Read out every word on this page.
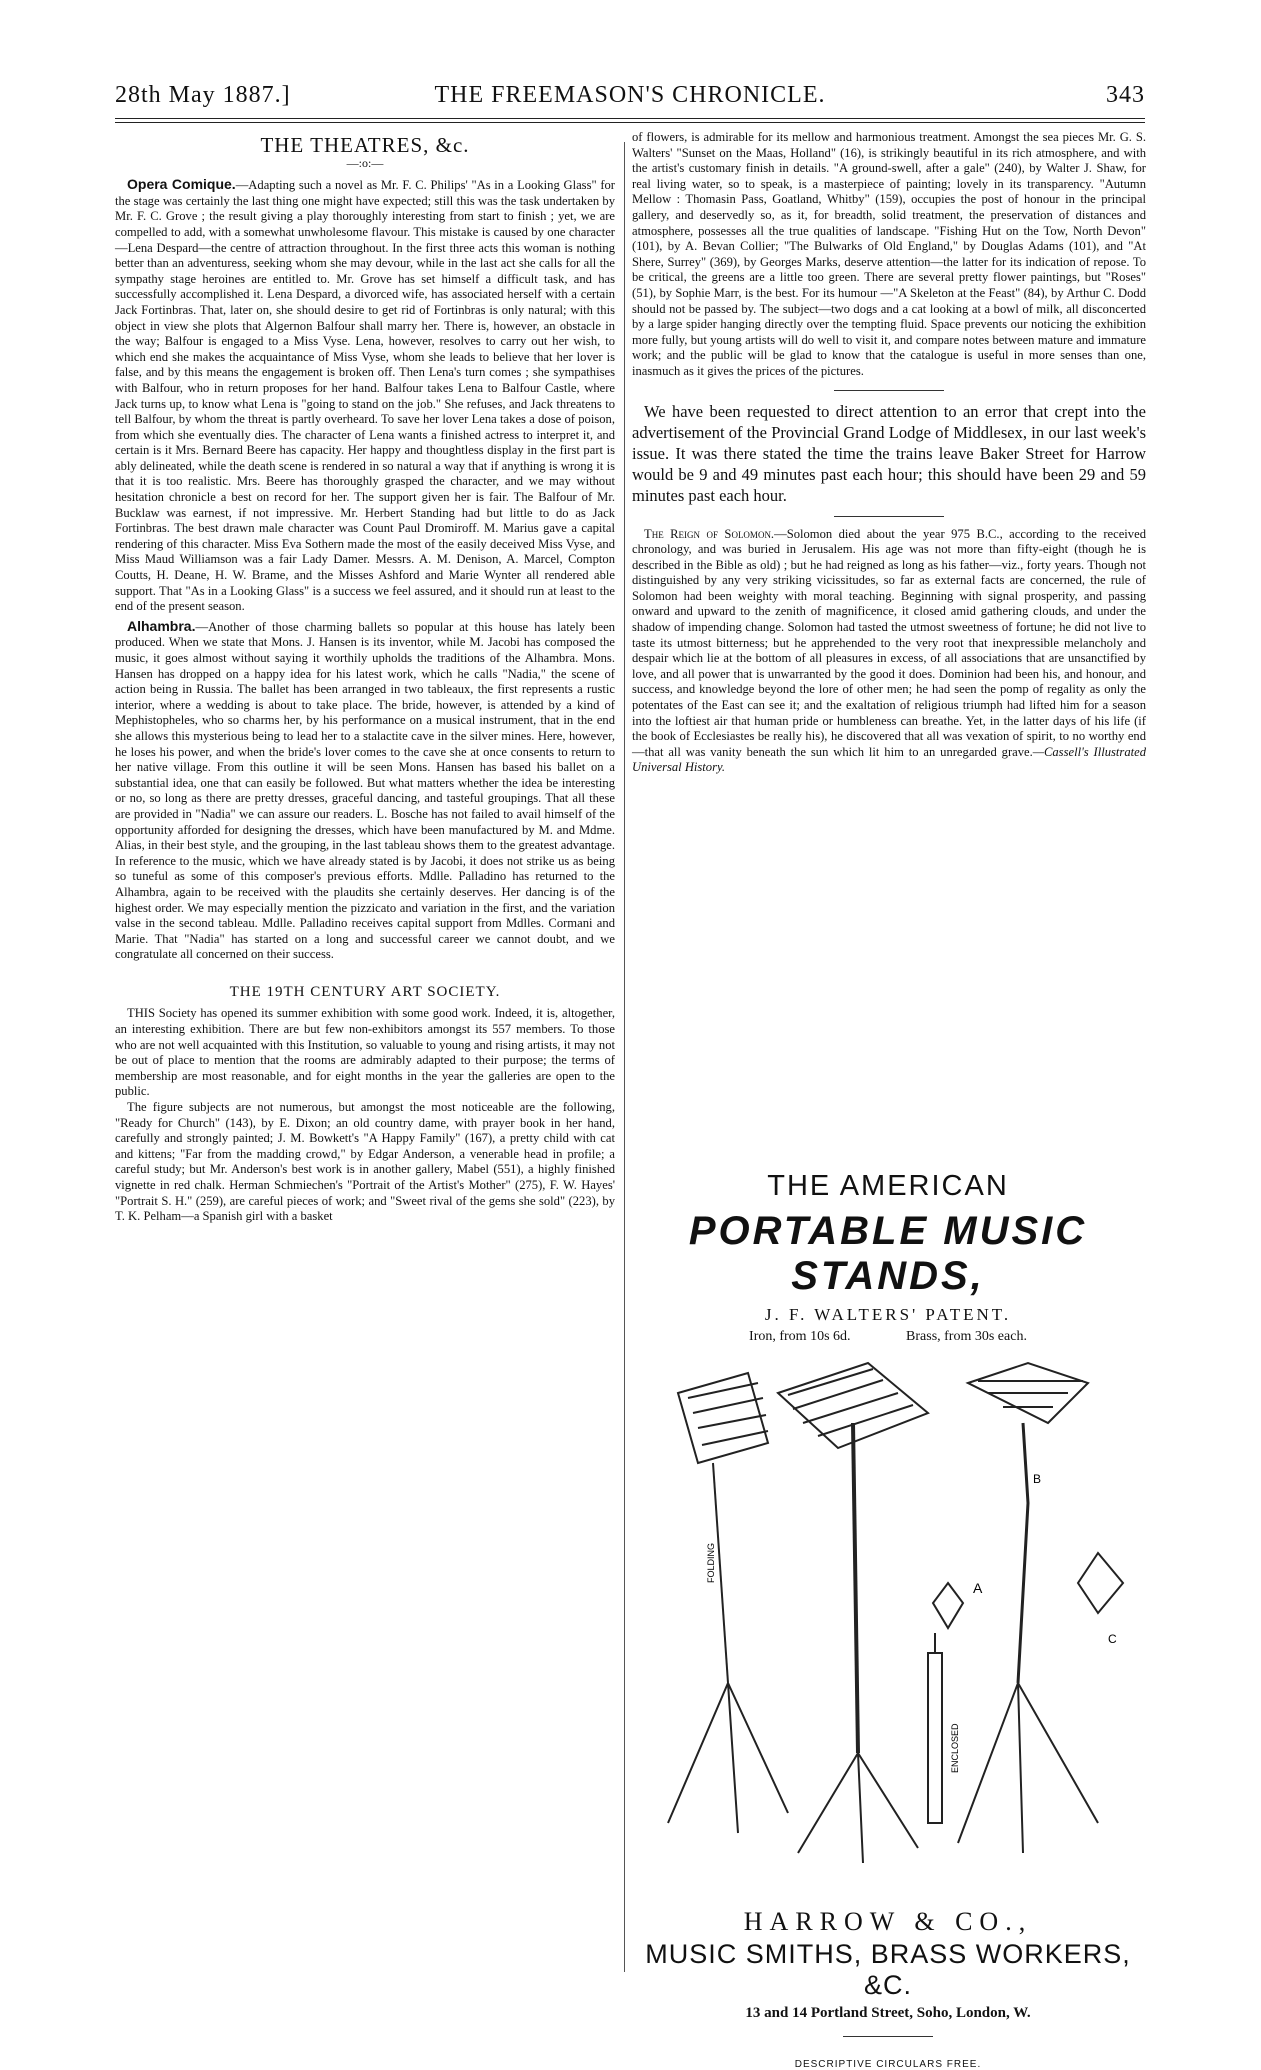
28th May 1887.]	THE FREEMASON'S CHRONICLE.	343
THE THEATRES, &c.
—:o:—

Opera Comique.—Adapting such a novel as Mr. F. C. Philips' "As in a Looking Glass" for the stage was certainly the last thing one might have expected; still this was the task undertaken by Mr. F. C. Grove ; the result giving a play thoroughly interesting from start to finish ; yet, we are compelled to add, with a somewhat unwholesome flavour. This mistake is caused by one character—Lena Despard—the centre of attraction throughout. In the first three acts this woman is nothing better than an adventuress, seeking whom she may devour, while in the last act she calls for all the sympathy stage heroines are entitled to. Mr. Grove has set himself a difficult task, and has successfully accomplished it. Lena Despard, a divorced wife, has associated herself with a certain Jack Fortinbras. That, later on, she should desire to get rid of Fortinbras is only natural; with this object in view she plots that Algernon Balfour shall marry her. There is, however, an obstacle in the way; Balfour is engaged to a Miss Vyse. Lena, however, resolves to carry out her wish, to which end she makes the acquaintance of Miss Vyse, whom she leads to believe that her lover is false, and by this means the engagement is broken off. Then Lena's turn comes ; she sympathises with Balfour, who in return proposes for her hand. Balfour takes Lena to Balfour Castle, where Jack turns up, to know what Lena is "going to stand on the job." She refuses, and Jack threatens to tell Balfour, by whom the threat is partly overheard. To save her lover Lena takes a dose of poison, from which she eventually dies. The character of Lena wants a finished actress to interpret it, and certain is it Mrs. Bernard Beere has capacity. Her happy and thoughtless display in the first part is ably delineated, while the death scene is rendered in so natural a way that if anything is wrong it is that it is too realistic. Mrs. Beere has thoroughly grasped the character, and we may without hesitation chronicle a best on record for her. The support given her is fair. The Balfour of Mr. Bucklaw was earnest, if not impressive. Mr. Herbert Standing had but little to do as Jack Fortinbras. The best drawn male character was Count Paul Dromiroff. M. Marius gave a capital rendering of this character. Miss Eva Sothern made the most of the easily deceived Miss Vyse, and Miss Maud Williamson was a fair Lady Damer. Messrs. A. M. Denison, A. Marcel, Compton Coutts, H. Deane, H. W. Brame, and the Misses Ashford and Marie Wynter all rendered able support. That "As in a Looking Glass" is a success we feel assured, and it should run at least to the end of the present season.

Alhambra.—Another of those charming ballets so popular at this house has lately been produced. When we state that Mons. J. Hansen is its inventor, while M. Jacobi has composed the music, it goes almost without saying it worthily upholds the traditions of the Alhambra. Mons. Hansen has dropped on a happy idea for his latest work, which he calls "Nadia," the scene of action being in Russia. The ballet has been arranged in two tableaux, the first represents a rustic interior, where a wedding is about to take place. The bride, however, is attended by a kind of Mephistopheles, who so charms her, by his performance on a musical instrument, that in the end she allows this mysterious being to lead her to a stalactite cave in the silver mines. Here, however, he loses his power, and when the bride's lover comes to the cave she at once consents to return to her native village. From this outline it will be seen Mons. Hansen has based his ballet on a substantial idea, one that can easily be followed. But what matters whether the idea be interesting or no, so long as there are pretty dresses, graceful dancing, and tasteful groupings. That all these are provided in "Nadia" we can assure our readers. L. Bosche has not failed to avail himself of the opportunity afforded for designing the dresses, which have been manufactured by M. and Mdme. Alias, in their best style, and the grouping, in the last tableau shows them to the greatest advantage. In reference to the music, which we have already stated is by Jacobi, it does not strike us as being so tuneful as some of this composer's previous efforts. Mdlle. Palladino has returned to the Alhambra, again to be received with the plaudits she certainly deserves. Her dancing is of the highest order. We may especially mention the pizzicato and variation in the first, and the variation valse in the second tableau. Mdlle. Palladino receives capital support from Mdlles. Cormani and Marie. That "Nadia" has started on a long and successful career we cannot doubt, and we congratulate all concerned on their success.

THE 19TH CENTURY ART SOCIETY.

THIS Society has opened its summer exhibition with some good work. Indeed, it is, altogether, an interesting exhibition. There are but few non-exhibitors amongst its 557 members. To those who are not well acquainted with this Institution, so valuable to young and rising artists, it may not be out of place to mention that the rooms are admirably adapted to their purpose; the terms of membership are most reasonable, and for eight months in the year the galleries are open to the public.

The figure subjects are not numerous, but amongst the most noticeable are the following, "Ready for Church" (143), by E. Dixon; an old country dame, with prayer book in her hand, carefully and strongly painted; J. M. Bowkett's "A Happy Family" (167), a pretty child with cat and kittens; "Far from the madding crowd," by Edgar Anderson, a venerable head in profile; a careful study; but Mr. Anderson's best work is in another gallery, Mabel (551), a highly finished vignette in red chalk. Herman Schmiechen's "Portrait of the Artist's Mother" (275), F. W. Hayes' "Portrait S. H." (259), are careful pieces of work; and "Sweet rival of the gems she sold" (223), by T. K. Pelham—a Spanish girl with a basket

of flowers, is admirable for its mellow and harmonious treatment. Amongst the sea pieces Mr. G. S. Walters' "Sunset on the Maas, Holland" (16), is strikingly beautiful in its rich atmosphere, and with the artist's customary finish in details. "A ground-swell, after a gale" (240), by Walter J. Shaw, for real living water, so to speak, is a masterpiece of painting; lovely in its transparency. "Autumn Mellow : Thomasin Pass, Goatland, Whitby" (159), occupies the post of honour in the principal gallery, and deservedly so, as it, for breadth, solid treatment, the preservation of distances and atmosphere, possesses all the true qualities of landscape. "Fishing Hut on the Tow, North Devon" (101), by A. Bevan Collier; "The Bulwarks of Old England," by Douglas Adams (101), and "At Shere, Surrey" (369), by Georges Marks, deserve attention—the latter for its indication of repose. To be critical, the greens are a little too green. There are several pretty flower paintings, but "Roses" (51), by Sophie Marr, is the best. For its humour —"A Skeleton at the Feast" (84), by Arthur C. Dodd should not be passed by. The subject—two dogs and a cat looking at a bowl of milk, all disconcerted by a large spider hanging directly over the tempting fluid. Space prevents our noticing the exhibition more fully, but young artists will do well to visit it, and compare notes between mature and immature work; and the public will be glad to know that the catalogue is useful in more senses than one, inasmuch as it gives the prices of the pictures.

We have been requested to direct attention to an error that crept into the advertisement of the Provincial Grand Lodge of Middlesex, in our last week's issue. It was there stated the time the trains leave Baker Street for Harrow would be 9 and 49 minutes past each hour; this should have been 29 and 59 minutes past each hour.

The Reign of Solomon.—Solomon died about the year 975 B.C., according to the received chronology, and was buried in Jerusalem. His age was not more than fifty-eight (though he is described in the Bible as old) ; but he had reigned as long as his father—viz., forty years. Though not distinguished by any very striking vicissitudes, so far as external facts are concerned, the rule of Solomon had been weighty with moral teaching. Beginning with signal prosperity, and passing onward and upward to the zenith of magnificence, it closed amid gathering clouds, and under the shadow of impending change. Solomon had tasted the utmost sweetness of fortune; he did not live to taste its utmost bitterness; but he apprehended to the very root that inexpressible melancholy and despair which lie at the bottom of all pleasures in excess, of all associations that are unsanctified by love, and all power that is unwarranted by the good it does. Dominion had been his, and honour, and success, and knowledge beyond the lore of other men; he had seen the pomp of regality as only the potentates of the East can see it; and the exaltation of religious triumph had lifted him for a season into the loftiest air that human pride or humbleness can breathe. Yet, in the latter days of his life (if the book of Ecclesiastes be really his), he discovered that all was vexation of spirit, to no worthy end—that all was vanity beneath the sun which lit him to an unregarded grave.—Cassell's Illustrated Universal History.

THE AMERICAN
PORTABLE MUSIC STANDS,
J. F. WALTERS' PATENT.
Iron, from 10s 6d.	Brass, from 30s each.
FOLDING
ENCLOSED
A
B
C
HARROW & CO.,
MUSIC SMITHS, BRASS WORKERS, &C.
13 and 14 Portland Street, Soho, London, W.
DESCRIPTIVE CIRCULARS FREE.
